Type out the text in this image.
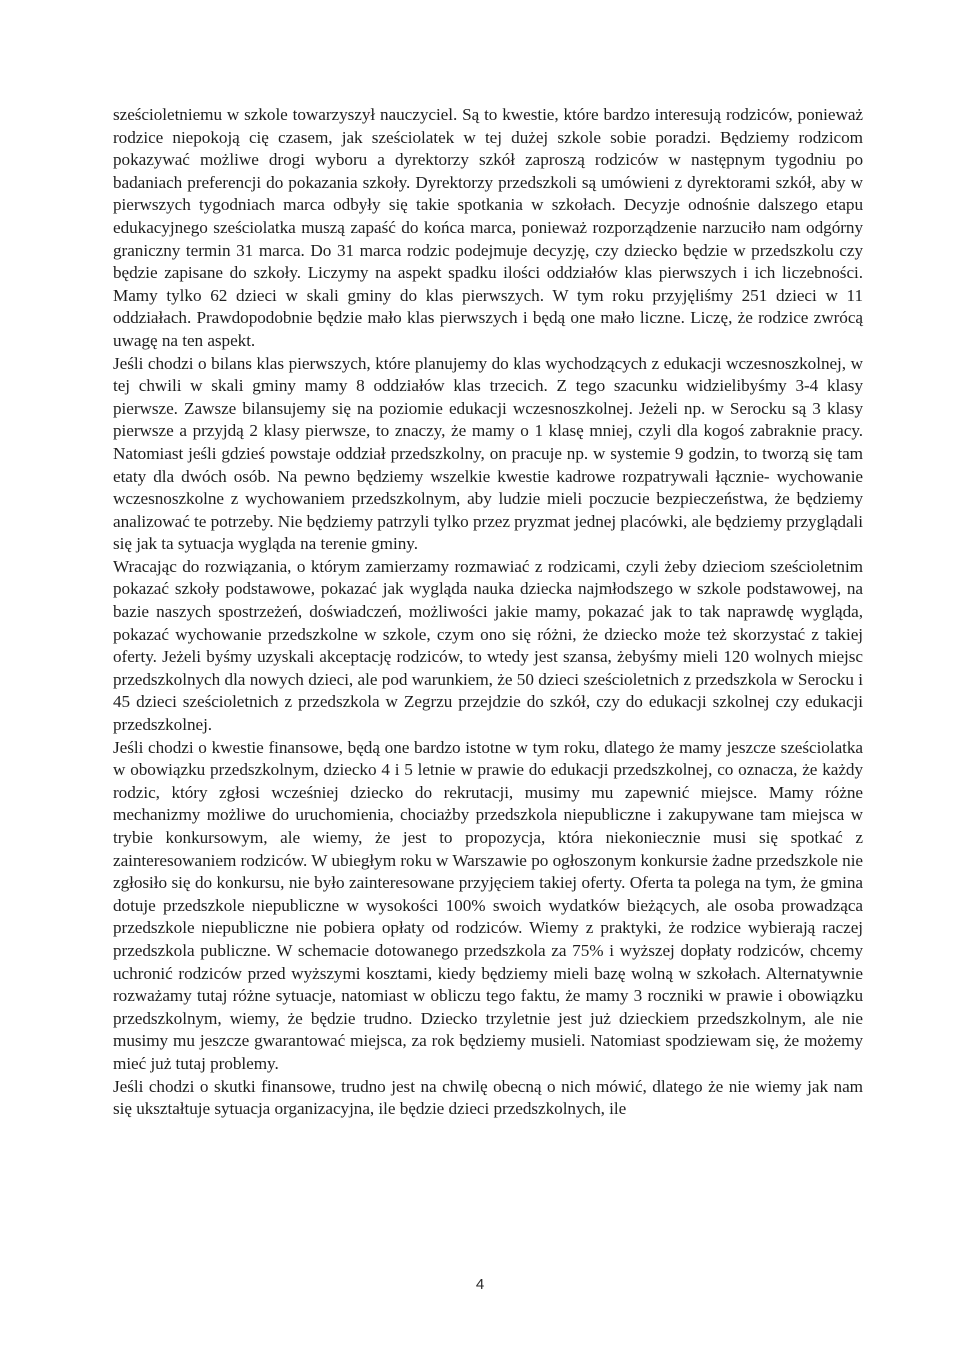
sześcioletniemu w szkole towarzyszył nauczyciel. Są to kwestie, które bardzo interesują rodziców, ponieważ rodzice niepokoją cię czasem, jak sześciolatek w tej dużej szkole sobie poradzi. Będziemy rodzicom pokazywać możliwe drogi wyboru a dyrektorzy szkół zaproszą rodziców w następnym tygodniu po badaniach preferencji do pokazania szkoły. Dyrektorzy przedszkoli są umówieni z dyrektorami szkół, aby w pierwszych tygodniach marca odbyły się takie spotkania w szkołach. Decyzje odnośnie dalszego etapu edukacyjnego sześciolatka muszą zapaść do końca marca, ponieważ rozporządzenie narzuciło nam odgórny graniczny termin 31 marca. Do 31 marca rodzic podejmuje decyzję, czy dziecko będzie w przedszkolu czy będzie zapisane do szkoły. Liczymy na aspekt spadku ilości oddziałów klas pierwszych i ich liczebności. Mamy tylko 62 dzieci w skali gminy do klas pierwszych. W tym roku przyjęliśmy 251 dzieci w 11 oddziałach. Prawdopodobnie będzie mało klas pierwszych i będą one mało liczne. Liczę, że rodzice zwrócą uwagę na ten aspekt.

Jeśli chodzi o bilans klas pierwszych, które planujemy do klas wychodzących z edukacji wczesnoszkolnej, w tej chwili w skali gminy mamy 8 oddziałów klas trzecich. Z tego szacunku widzielibyśmy 3-4 klasy pierwsze. Zawsze bilansujemy się na poziomie edukacji wczesnoszkolnej. Jeżeli np. w Serocku są 3 klasy pierwsze a przyjdą 2 klasy pierwsze, to znaczy, że mamy o 1 klasę mniej, czyli dla kogoś zabraknie pracy. Natomiast jeśli gdzieś powstaje oddział przedszkolny, on pracuje np. w systemie 9 godzin, to tworzą się tam etaty dla dwóch osób. Na pewno będziemy wszelkie kwestie kadrowe rozpatrywali łącznie- wychowanie wczesnoszkolne z wychowaniem przedszkolnym, aby ludzie mieli poczucie bezpieczeństwa, że będziemy analizować te potrzeby. Nie będziemy patrzyli tylko przez pryzmat jednej placówki, ale będziemy przyglądali się jak ta sytuacja wygląda na terenie gminy.

Wracając do rozwiązania, o którym zamierzamy rozmawiać z rodzicami, czyli żeby dzieciom sześcioletnim pokazać szkoły podstawowe, pokazać jak wygląda nauka dziecka najmłodszego w szkole podstawowej, na bazie naszych spostrzeżeń, doświadczeń, możliwości jakie mamy, pokazać jak to tak naprawdę wygląda, pokazać wychowanie przedszkolne w szkole, czym ono się różni, że dziecko może też skorzystać z takiej oferty. Jeżeli byśmy uzyskali akceptację rodziców, to wtedy jest szansa, żebyśmy mieli 120 wolnych miejsc przedszkolnych dla nowych dzieci, ale pod warunkiem, że 50 dzieci sześcioletnich z przedszkola w Serocku i 45 dzieci sześcioletnich z przedszkola w Zegrzu przejdzie do szkół, czy do edukacji szkolnej czy edukacji przedszkolnej.

Jeśli chodzi o kwestie finansowe, będą one bardzo istotne w tym roku, dlatego że mamy jeszcze sześciolatka w obowiązku przedszkolnym, dziecko 4 i 5 letnie w prawie do edukacji przedszkolnej, co oznacza, że każdy rodzic, który zgłosi wcześniej dziecko do rekrutacji, musimy mu zapewnić miejsce. Mamy różne mechanizmy możliwe do uruchomienia, chociażby przedszkola niepubliczne i zakupywane tam miejsca w trybie konkursowym, ale wiemy, że jest to propozycja, która niekoniecznie musi się spotkać z zainteresowaniem rodziców. W ubiegłym roku w Warszawie po ogłoszonym konkursie żadne przedszkole nie zgłosiło się do konkursu, nie było zainteresowane przyjęciem takiej oferty. Oferta ta polega na tym, że gmina dotuje przedszkole niepubliczne w wysokości 100% swoich wydatków bieżących, ale osoba prowadząca przedszkole niepubliczne nie pobiera opłaty od rodziców. Wiemy z praktyki, że rodzice wybierają raczej przedszkola publiczne. W schemacie dotowanego przedszkola za 75% i wyższej dopłaty rodziców, chcemy uchronić rodziców przed wyższymi kosztami, kiedy będziemy mieli bazę wolną w szkołach. Alternatywnie rozważamy tutaj różne sytuacje, natomiast w obliczu tego faktu, że mamy 3 roczniki w prawie i obowiązku przedszkolnym, wiemy, że będzie trudno. Dziecko trzyletnie jest już dzieckiem przedszkolnym, ale nie musimy mu jeszcze gwarantować miejsca, za rok będziemy musieli. Natomiast spodziewam się, że możemy mieć już tutaj problemy.

Jeśli chodzi o skutki finansowe, trudno jest na chwilę obecną o nich mówić, dlatego że nie wiemy jak nam się ukształtuje sytuacja organizacyjna, ile będzie dzieci przedszkolnych, ile

4
